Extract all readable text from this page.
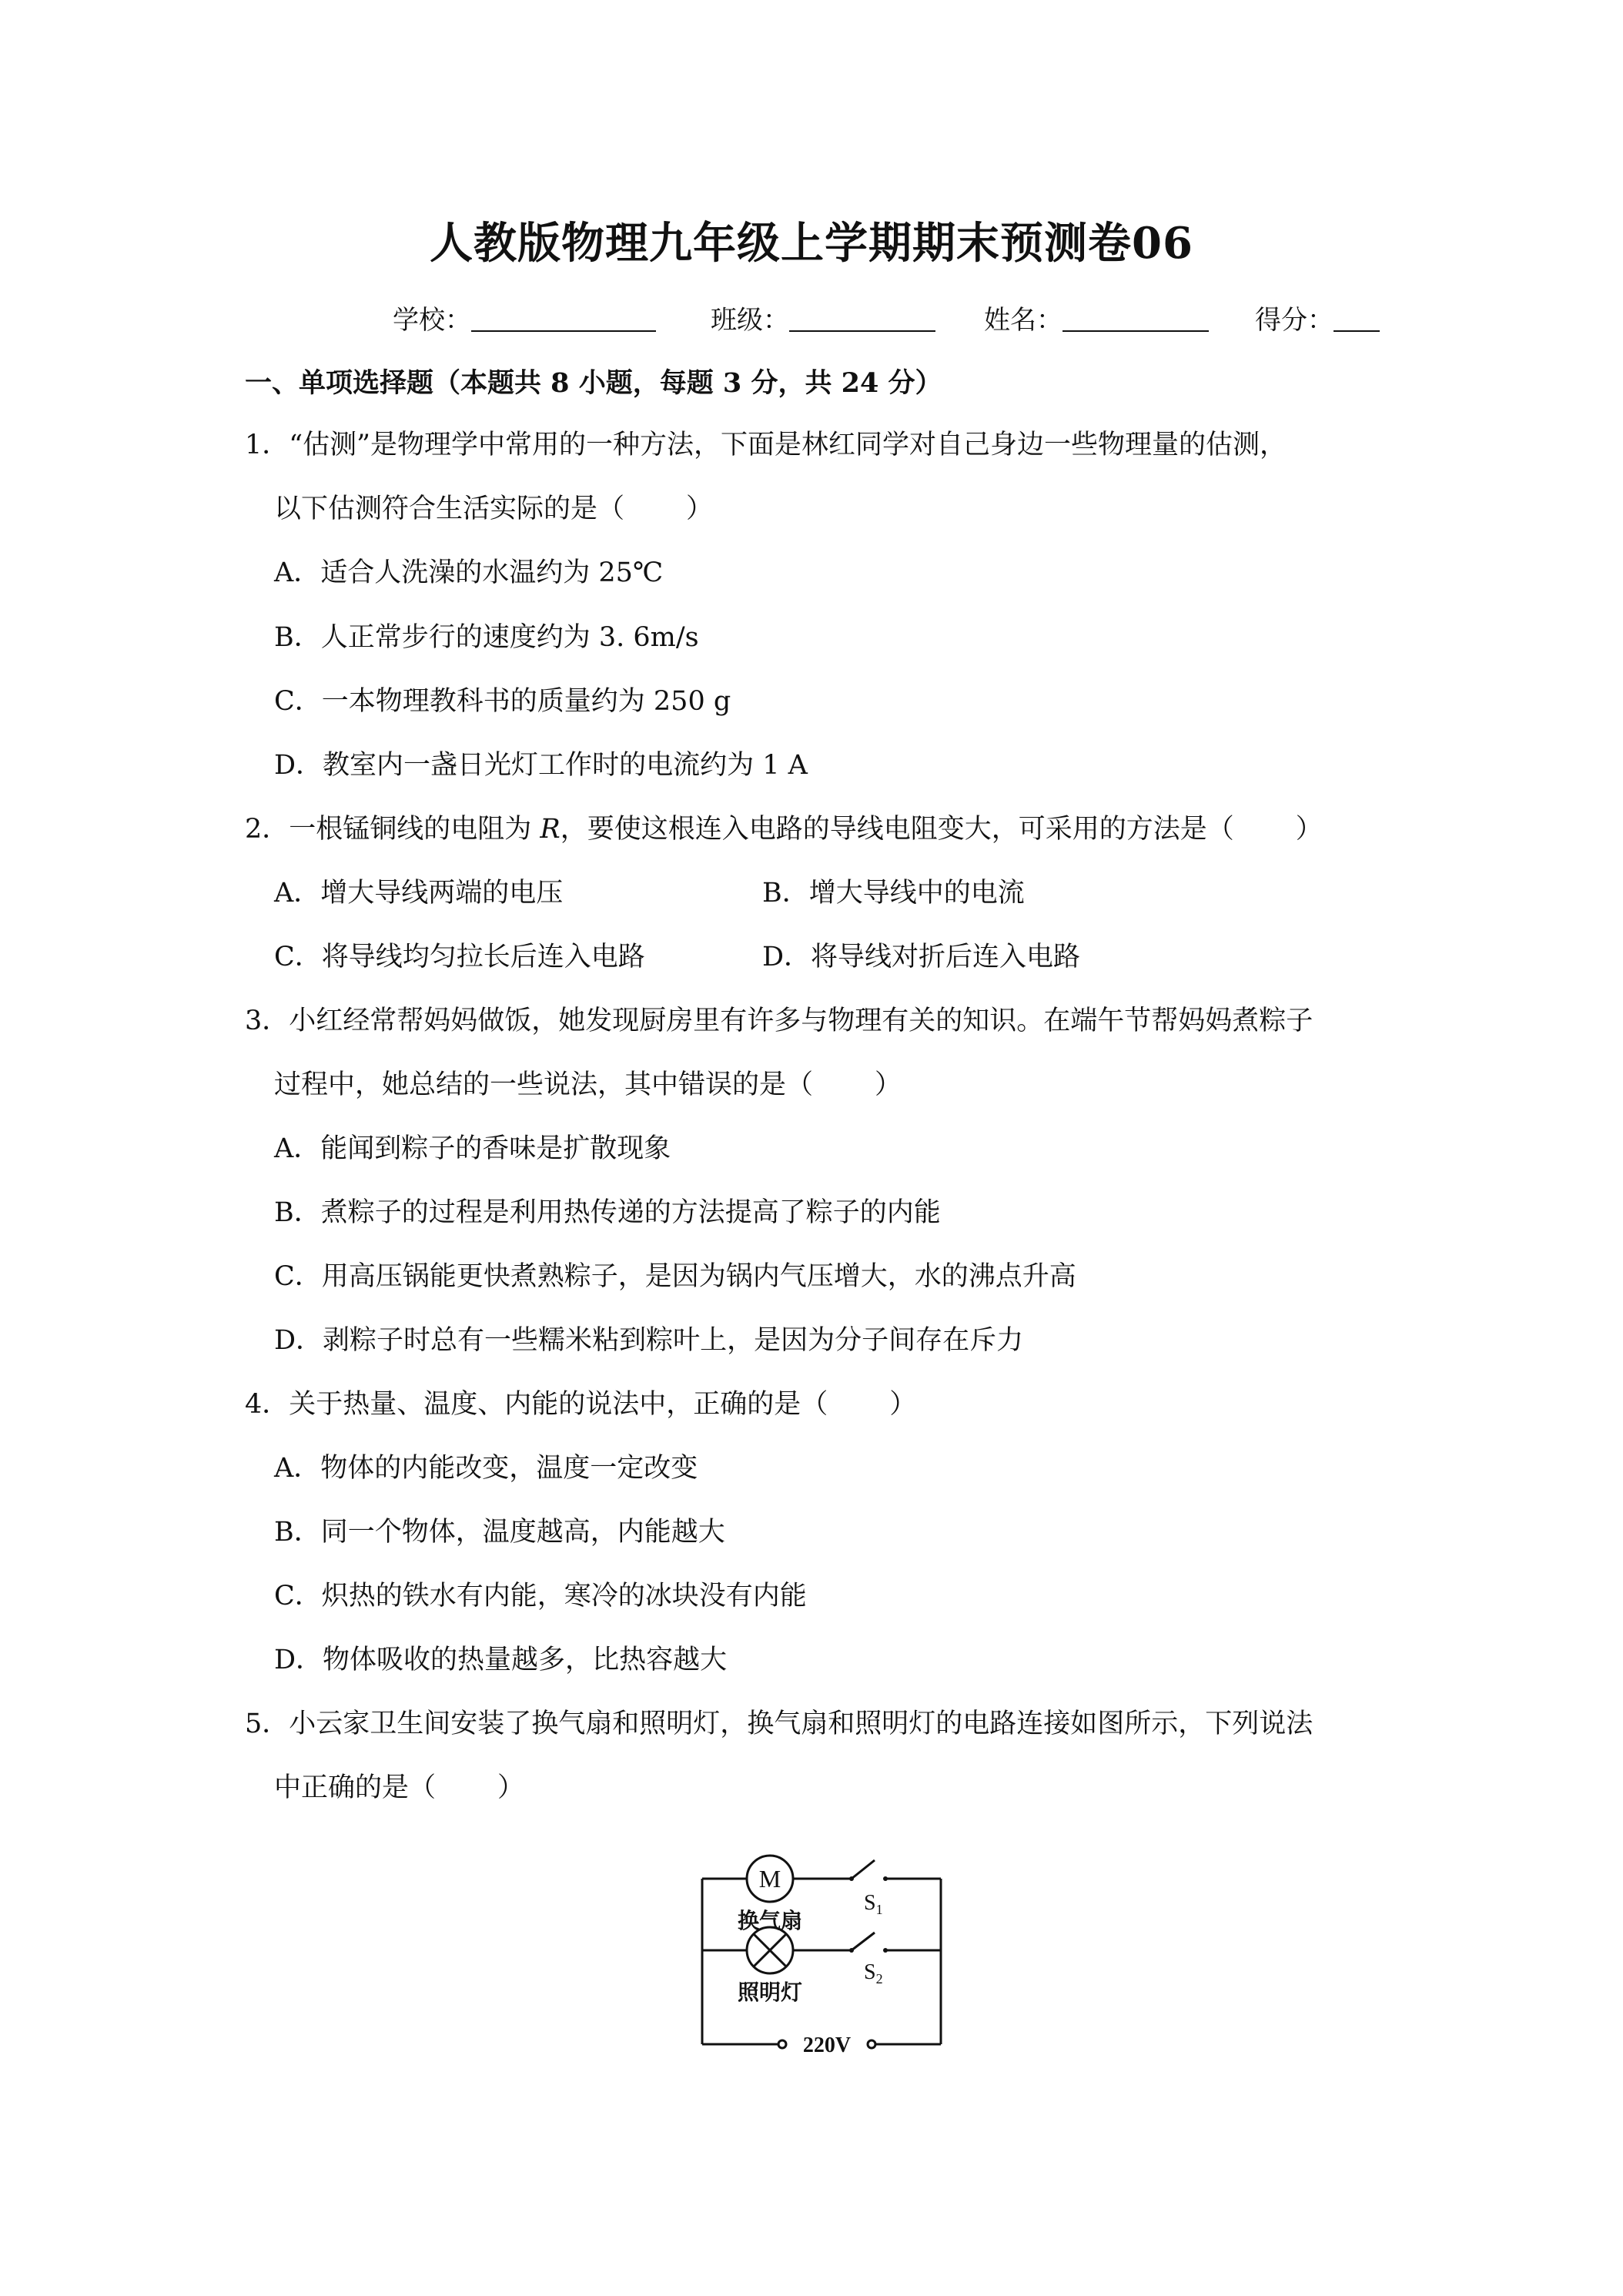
人教版物理九年级上学期期末预测卷06
学校：	班级：	姓名：	得分：
一、单项选择题（本题共 8 小题，每题 3 分，共 24 分）
1．“估测”是物理学中常用的一种方法，下面是林红同学对自己身边一些物理量的估测，
以下估测符合生活实际的是（ ）
A．适合人洗澡的水温约为 25℃
B．人正常步行的速度约为 3. 6m/s
C．一本物理教科书的质量约为 250 g
D．教室内一盏日光灯工作时的电流约为 1 A
2．一根锰铜线的电阻为 R，要使这根连入电路的导线电阻变大，可采用的方法是（ ）
A．增大导线两端的电压	B．增大导线中的电流
C．将导线均匀拉长后连入电路	D．将导线对折后连入电路
3．小红经常帮妈妈做饭，她发现厨房里有许多与物理有关的知识。在端午节帮妈妈煮粽子
过程中，她总结的一些说法，其中错误的是（ ）
A．能闻到粽子的香味是扩散现象
B．煮粽子的过程是利用热传递的方法提高了粽子的内能
C．用高压锅能更快煮熟粽子，是因为锅内气压增大，水的沸点升高
D．剥粽子时总有一些糯米粘到粽叶上，是因为分子间存在斥力
4．关于热量、温度、内能的说法中，正确的是（ ）
A．物体的内能改变，温度一定改变
B．同一个物体，温度越高，内能越大
C．炽热的铁水有内能，寒冷的冰块没有内能
D．物体吸收的热量越多，比热容越大
5．小云家卫生间安装了换气扇和照明灯，换气扇和照明灯的电路连接如图所示，下列说法
中正确的是（ ）
M
换气扇
照明灯
$S_1$
$S_2$
220V
